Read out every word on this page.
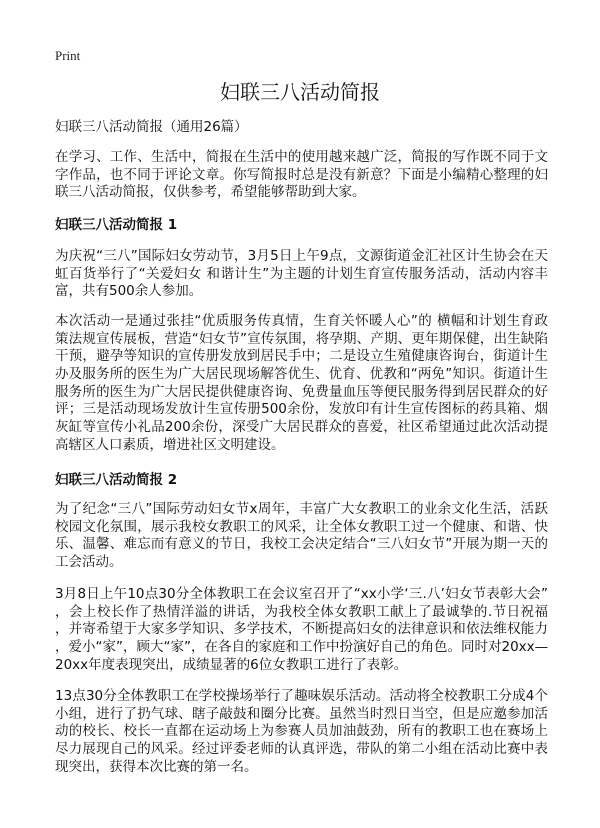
Print
妇联三八活动简报
妇联三八活动简报（通用26篇）
在学习、工作、生活中，简报在生活中的使用越来越广泛，简报的写作既不同于文
字作品，也不同于评论文章。你写简报时总是没有新意？下面是小编精心整理的妇
联三八活动简报，仅供参考，希望能够帮助到大家。
妇联三八活动简报 1
为庆祝“三八”国际妇女劳动节，3月5日上午9点，文源街道金汇社区计生协会在天
虹百货举行了“关爱妇女 和谐计生”为主题的计划生育宣传服务活动，活动内容丰
富，共有500余人参加。
本次活动一是通过张挂“优质服务传真情，生育关怀暖人心”的 横幅和计划生育政
策法规宣传展板，营造“妇女节”宣传氛围，将孕期、产期、更年期保健，出生缺陷
干预，避孕等知识的宣传册发放到居民手中；二是设立生殖健康咨询台，街道计生
办及服务所的医生为广大居民现场解答优生、优育、优教和“两免”知识。街道计生
服务所的医生为广大居民提供健康咨询、免费量血压等便民服务得到居民群众的好
评；三是活动现场发放计生宣传册500余份，发放印有计生宣传图标的药具箱、烟
灰缸等宣传小礼品200余份，深受广大居民群众的喜爱，社区希望通过此次活动提
高辖区人口素质，增进社区文明建设。
妇联三八活动简报 2
为了纪念“三八”国际劳动妇女节x周年，丰富广大女教职工的业余文化生活，活跃
校园文化氛围，展示我校女教职工的风采，让全体女教职工过一个健康、和谐、快
乐、温馨、难忘而有意义的节日，我校工会决定结合“三八妇女节”开展为期一天的
工会活动。
3月8日上午10点30分全体教职工在会议室召开了“xx小学‘三.八’妇女节表彰大会”
，会上校长作了热情洋溢的讲话，为我校全体女教职工献上了最诚挚的.节日祝福
，并寄希望于大家多学知识、多学技术，不断提高妇女的法律意识和依法维权能力
，爱小“家”，顾大“家”，在各自的家庭和工作中扮演好自己的角色。同时对20xx—
20xx年度表现突出，成绩显著的6位女教职工进行了表彰。
13点30分全体教职工在学校操场举行了趣味娱乐活动。活动将全校教职工分成4个
小组，进行了扔气球、瞎子敲鼓和圈分比赛。虽然当时烈日当空，但是应邀参加活
动的校长、校长一直都在运动场上为参赛人员加油鼓劲，所有的教职工也在赛场上
尽力展现自己的风采。经过评委老师的认真评选，带队的第二小组在活动比赛中表
现突出，获得本次比赛的第一名。
